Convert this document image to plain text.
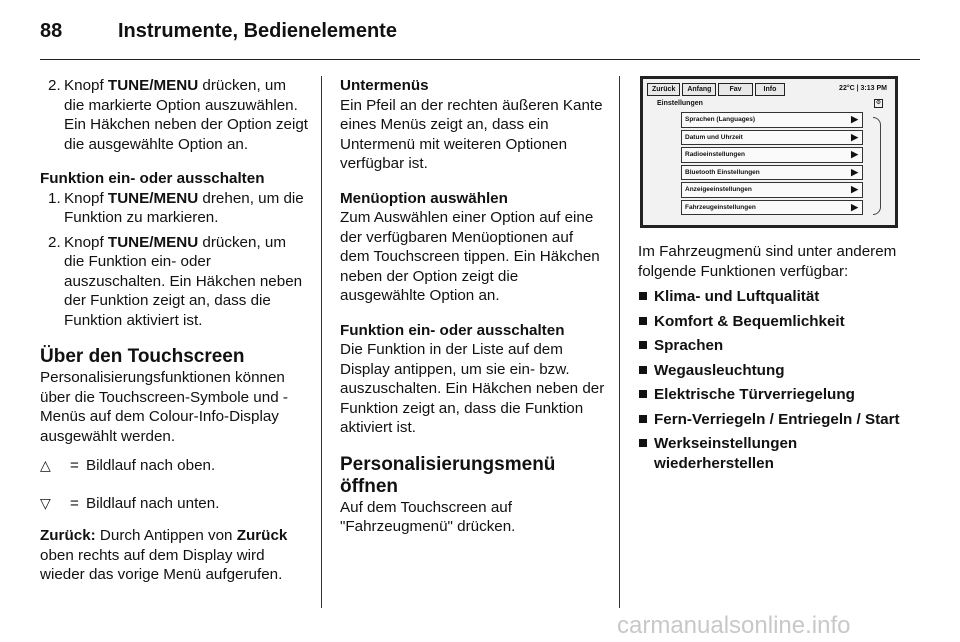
88	Instrumente, Bedienelemente
2. Knopf TUNE/MENU drücken, um die markierte Option auszuwählen. Ein Häkchen neben der Option zeigt die ausgewählte Option an.
Funktion ein- oder ausschalten
1. Knopf TUNE/MENU drehen, um die Funktion zu markieren.
2. Knopf TUNE/MENU drücken, um die Funktion ein- oder auszuschalten. Ein Häkchen neben der Funktion zeigt an, dass die Funktion aktiviert ist.
Über den Touchscreen

Personalisierungsfunktionen können über die Touchscreen-Symbole und -Menüs auf dem Colour-Info-Display ausgewählt werden.

△	= Bildlauf nach oben.
▽	= Bildlauf nach unten.

Zurück: Durch Antippen von Zurück oben rechts auf dem Display wird wieder das vorige Menü aufgerufen.

Untermenüs

Ein Pfeil an der rechten äußeren Kante eines Menüs zeigt an, dass ein Untermenü mit weiteren Optionen verfügbar ist.

Menüoption auswählen

Zum Auswählen einer Option auf eine der verfügbaren Menüoptionen auf dem Touchscreen tippen. Ein Häkchen neben der Option zeigt die ausgewählte Option an.

Funktion ein- oder ausschalten

Die Funktion in der Liste auf dem Display antippen, um sie ein- bzw. auszuschalten. Ein Häkchen neben der Funktion zeigt an, dass die Funktion aktiviert ist.

Personalisierungsmenü öffnen

Auf dem Touchscreen auf "Fahrzeugmenü" drücken.

Zurück	Anfang	Fav	Info	22°C | 3:13 PM
Einstellungen	⚙
Sprachen (Languages)	▶
Datum und Uhrzeit	▶
Radioeinstellungen	▶
Bluetooth Einstellungen	▶
Anzeigeeinstellungen	▶
Fahrzeugeinstellungen	▶

Im Fahrzeugmenü sind unter anderem folgende Funktionen verfügbar:

Klima- und Luftqualität
Komfort & Bequemlichkeit
Sprachen
Wegausleuchtung
Elektrische Türverriegelung
Fern-Verriegeln / Entriegeln / Start
Werkseinstellungen wiederherstellen
carmanualsonline.info
